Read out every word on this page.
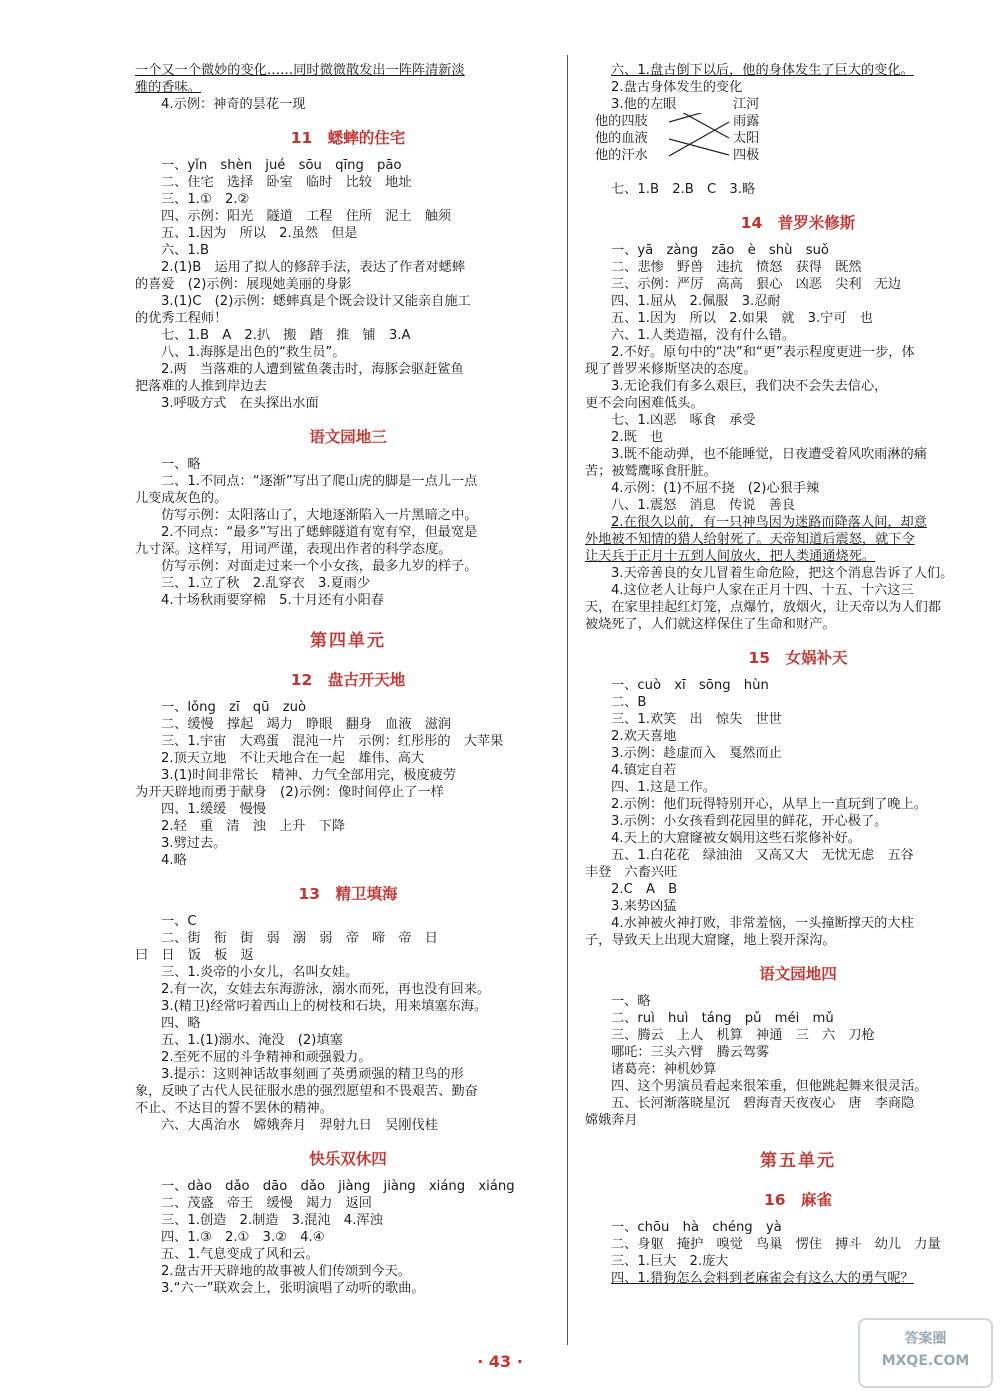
一个又一个微妙的变化……同时微微散发出一阵阵清新淡
雅的香味。
4.示例：神奇的昙花一现
11　蟋蟀的住宅
一、yǐn　shèn　jué　sōu　qīng　pāo
二、住宅　选择　卧室　临时　比较　地址
三、1.①　2.②
四、示例：阳光　隧道　工程　住所　泥土　触须
五、1.因为　所以　2.虽然　但是
六、1.B
2.(1)B　运用了拟人的修辞手法，表达了作者对蟋蟀
的喜爱　(2)示例：展现她美丽的身影
3.(1)C　(2)示例：蟋蟀真是个既会设计又能亲自施工
的优秀工程师！
七、1.B　A　2.扒　搬　踏　推　铺　3.A
八、1.海豚是出色的“救生员”。
2.两　当落难的人遭到鲨鱼袭击时，海豚会驱赶鲨鱼
把落难的人推到岸边去
3.呼吸方式　在头探出水面
语文园地三
一、略
二、1.不同点：“逐渐”写出了爬山虎的脚是一点儿一点
儿变成灰色的。
仿写示例：太阳落山了，大地逐渐陷入一片黑暗之中。
2.不同点：“最多”写出了蟋蟀隧道有宽有窄，但最宽是
九寸深。这样写，用词严谨，表现出作者的科学态度。
仿写示例：对面走过来一个小女孩，最多九岁的样子。
三、1.立了秋　2.乱穿衣　3.夏雨少
4.十场秋雨要穿棉　5.十月还有小阳春
第四单元
12　盘古开天地
一、lǒng　zī　qū　zuò
二、缓慢　撑起　竭力　睁眼　翻身　血液　滋润
三、1.宇宙　大鸡蛋　混沌一片　示例：红彤彤的　大苹果
2.顶天立地　不让天地合在一起　雄伟、高大
3.(1)时间非常长　精神、力气全部用完，极度疲劳
为开天辟地而勇于献身　(2)示例：像时间停止了一样
四、1.缓缓　慢慢
2.轻　重　清　浊　上升　下降
3.劈过去。
4.略
13　精卫填海
一、C
二、街　衔　街　弱　溺　弱　帝　啼　帝　日
曰　日　饭　板　返
三、1.炎帝的小女儿，名叫女娃。
2.有一次，女娃去东海游泳，溺水而死，再也没有回来。
3.(精卫)经常叼着西山上的树枝和石块，用来填塞东海。
四、略
五、1.(1)溺水、淹没　(2)填塞
2.至死不屈的斗争精神和顽强毅力。
3.提示：这则神话故事刻画了英勇顽强的精卫鸟的形
象，反映了古代人民征服水患的强烈愿望和不畏艰苦、勤奋
不止、不达目的誓不罢休的精神。
六、大禹治水　嫦娥奔月　羿射九日　吴刚伐桂
快乐双休四
一、dào　dǎo　dāo　dǎo　jiàng　jiàng　xiáng　xiáng
二、茂盛　帝王　缓慢　竭力　返回
三、1.创造　2.制造　3.混沌　4.浑浊
四、1.③　2.①　3.②　4.④
五、1.气息变成了风和云。
2.盘古开天辟地的故事被人们传颂到今天。
3.“六一”联欢会上，张明演唱了动听的歌曲。
六、1.盘古倒下以后，他的身体发生了巨大的变化。
2.盘古身体发生的变化
3.他的左眼
他的四肢
他的血液
他的汗水
江河
雨露
太阳
四极
七、1.B　2.B　C　3.略
14　普罗米修斯
一、yā　zàng　zāo　è　shù　suǒ
二、悲惨　野兽　违抗　愤怒　获得　既然
三、示例：严厉　高高　狠心　凶恶　尖利　无边
四、1.屈从　2.佩服　3.忍耐
五、1.因为　所以　2.如果　就　3.宁可　也
六、1.人类造福，没有什么错。
2.不好。原句中的“决”和“更”表示程度更进一步，体
现了普罗米修斯坚决的态度。
3.无论我们有多么艰巨，我们决不会失去信心，
更不会向困难低头。
七、1.凶恶　啄食　承受
2.既　也
3.既不能动弹，也不能睡觉，日夜遭受着风吹雨淋的痛
苦；被鹫鹰啄食肝脏。
4.示例：(1)不屈不挠　(2)心狠手辣
八、1.震怒　消息　传说　善良
2.在很久以前，有一只神鸟因为迷路而降落人间，却意
外地被不知情的猎人给射死了。天帝知道后震怒，就下令
让天兵于正月十五到人间放火，把人类通通烧死。
3.天帝善良的女儿冒着生命危险，把这个消息告诉了人们。
4.这位老人让每户人家在正月十四、十五、十六这三
天，在家里挂起红灯笼，点爆竹，放烟火，让天帝以为人们都
被烧死了，人们就这样保住了生命和财产。
15　女娲补天
一、cuò　xī　sōng　hùn
二、B
三、1.欢笑　出　惊失　世世
2.欢天喜地
3.示例：趁虚而入　戛然而止
4.镇定自若
四、1.这是工作。
2.示例：他们玩得特别开心，从早上一直玩到了晚上。
3.示例：小女孩看到花园里的鲜花，开心极了。
4.天上的大窟窿被女娲用这些石浆修补好。
五、1.白花花　绿油油　又高又大　无忧无虑　五谷
丰登　六畜兴旺
2.C　A　B
3.来势凶猛
4.水神被火神打败，非常羞恼，一头撞断撑天的大柱
子，导致天上出现大窟窿，地上裂开深沟。
语文园地四
一、略
二、ruì　huì　táng　pǔ　méi　mǔ
三、腾云　上人　机算　神通　三　六　刀枪
哪吒：三头六臂　腾云驾雾
诸葛亮：神机妙算
四、这个男演员看起来很笨重，但他跳起舞来很灵活。
五、长河渐落晓星沉　碧海青天夜夜心　唐　李商隐
嫦娥奔月
第五单元
16　麻雀
一、chōu　hà　chéng　yà
二、身躯　掩护　嗅觉　鸟巢　愣住　搏斗　幼儿　力量
三、1.巨大　2.庞大
四、1.猎狗怎么会料到老麻雀会有这么大的勇气呢？
· 43 ·
答案圈
MXQE.COM
